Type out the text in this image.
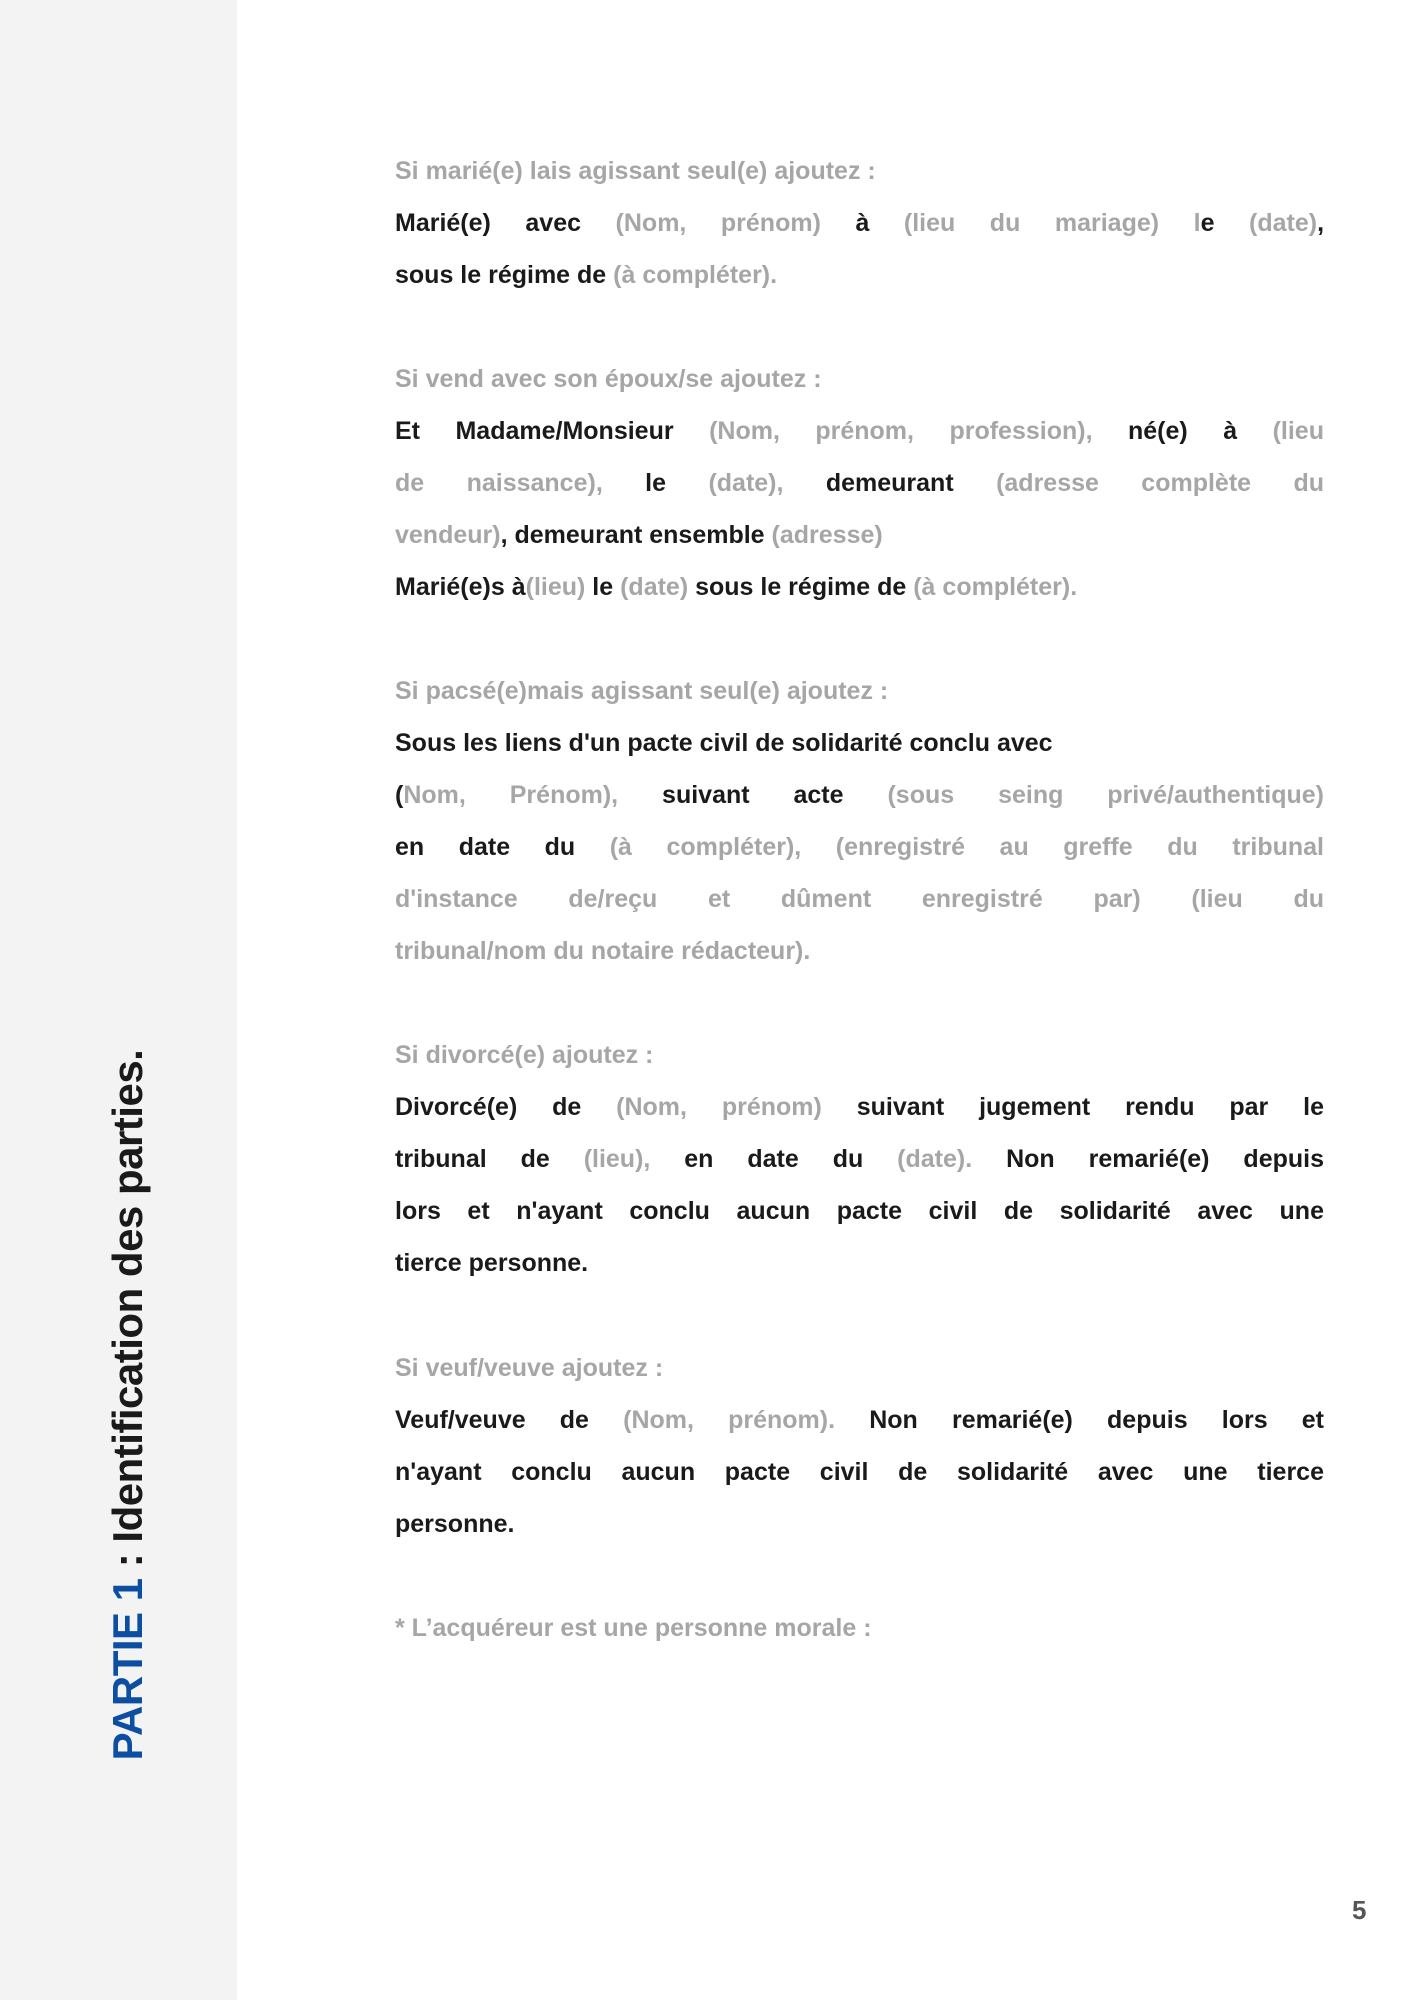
PARTIE 1 : Identification des parties.
Si marié(e) lais agissant seul(e) ajoutez :
Marié(e) avec (Nom, prénom) à (lieu du mariage) le (date),
sous le régime de (à compléter).
Si vend avec son époux/se ajoutez :
Et Madame/Monsieur (Nom, prénom, profession), né(e) à (lieu
de naissance), le (date), demeurant (adresse complète du
vendeur), demeurant ensemble (adresse)
Marié(e)s à(lieu) le (date) sous le régime de (à compléter).
Si pacsé(e)mais agissant seul(e) ajoutez :
Sous les liens d'un pacte civil de solidarité conclu avec
(Nom, Prénom), suivant acte (sous seing privé/authentique)
en date du (à compléter), (enregistré au greffe du tribunal
d'instance de/reçu et dûment enregistré par) (lieu du
tribunal/nom du notaire rédacteur).
Si divorcé(e) ajoutez :
Divorcé(e) de (Nom, prénom) suivant jugement rendu par le
tribunal de (lieu), en date du (date). Non remarié(e) depuis
lors et n'ayant conclu aucun pacte civil de solidarité avec une
tierce personne.
Si veuf/veuve ajoutez :
Veuf/veuve de (Nom, prénom). Non remarié(e) depuis lors et
n'ayant conclu aucun pacte civil de solidarité avec une tierce
personne.
* L’acquéreur est une personne morale :
5
